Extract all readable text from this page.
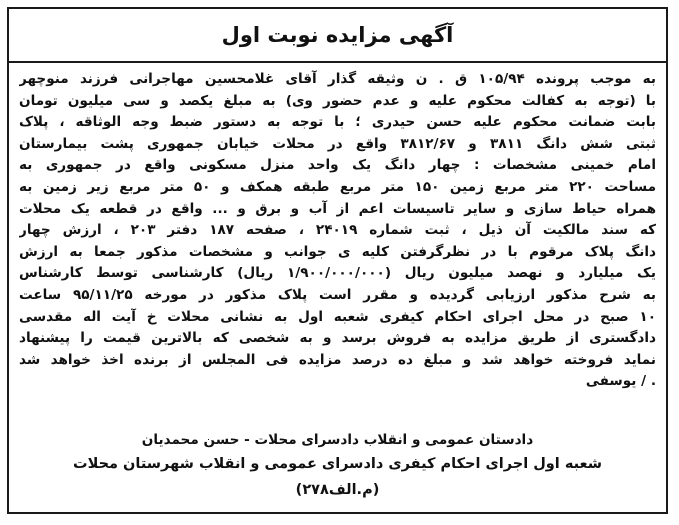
آگهی مزایده نوبت اول
به موجب پرونده ۱۰۵/۹۴ ق . ن وثیقه گذار آقای غلامحسین مهاجرانی فرزند منوچهر
با (توجه به کفالت محکوم علیه و عدم حضور وی) به مبلغ یکصد و سی میلیون تومان
بابت ضمانت محکوم علیه حسن حیدری ؛ با توجه به دستور ضبط وجه الوثاقه ، پلاک
ثبتی شش دانگ ۳۸۱۱ و ۳۸۱۲/۶۷ واقع در محلات خیابان جمهوری پشت بیمارستان
امام خمینی مشخصات : چهار دانگ یک واحد منزل مسکونی واقع در جمهوری به
مساحت ۲۲۰ متر مربع زمین ۱۵۰ متر مربع طبقه همکف و ۵۰ متر مربع زیر زمین به
همراه حیاط سازی و سایر تاسیسات اعم از آب و برق و ... واقع در قطعه یک محلات
که سند مالکیت آن ذیل ، ثبت شماره ۲۴۰۱۹ ، صفحه ۱۸۷ دفتر ۲۰۳ ، ارزش چهار
دانگ پلاک مرقوم با در نظرگرفتن کلیه ی جوانب و مشخصات مذکور جمعا به ارزش
یک میلیارد و نهصد میلیون ریال (۱/۹۰۰/۰۰۰/۰۰۰ ریال) کارشناسی توسط کارشناس
به شرح مذکور ارزیابی گردیده و مقرر است پلاک مذکور در مورخه ۹۵/۱۱/۲۵ ساعت
۱۰ صبح در محل اجرای احکام کیفری شعبه اول به نشانی محلات خ آیت اله مقدسی
دادگستری از طریق مزایده به فروش برسد و به شخصی که بالاترین قیمت را پیشنهاد
نماید فروخته خواهد شد و مبلغ ده درصد مزایده فی المجلس از برنده اخذ خواهد شد
. / یوسفی
دادستان عمومی و انقلاب دادسرای محلات - حسن محمدیان
شعبه اول اجرای احکام کیفری دادسرای عمومی و انقلاب شهرستان محلات
(م.الف۲۷۸)
